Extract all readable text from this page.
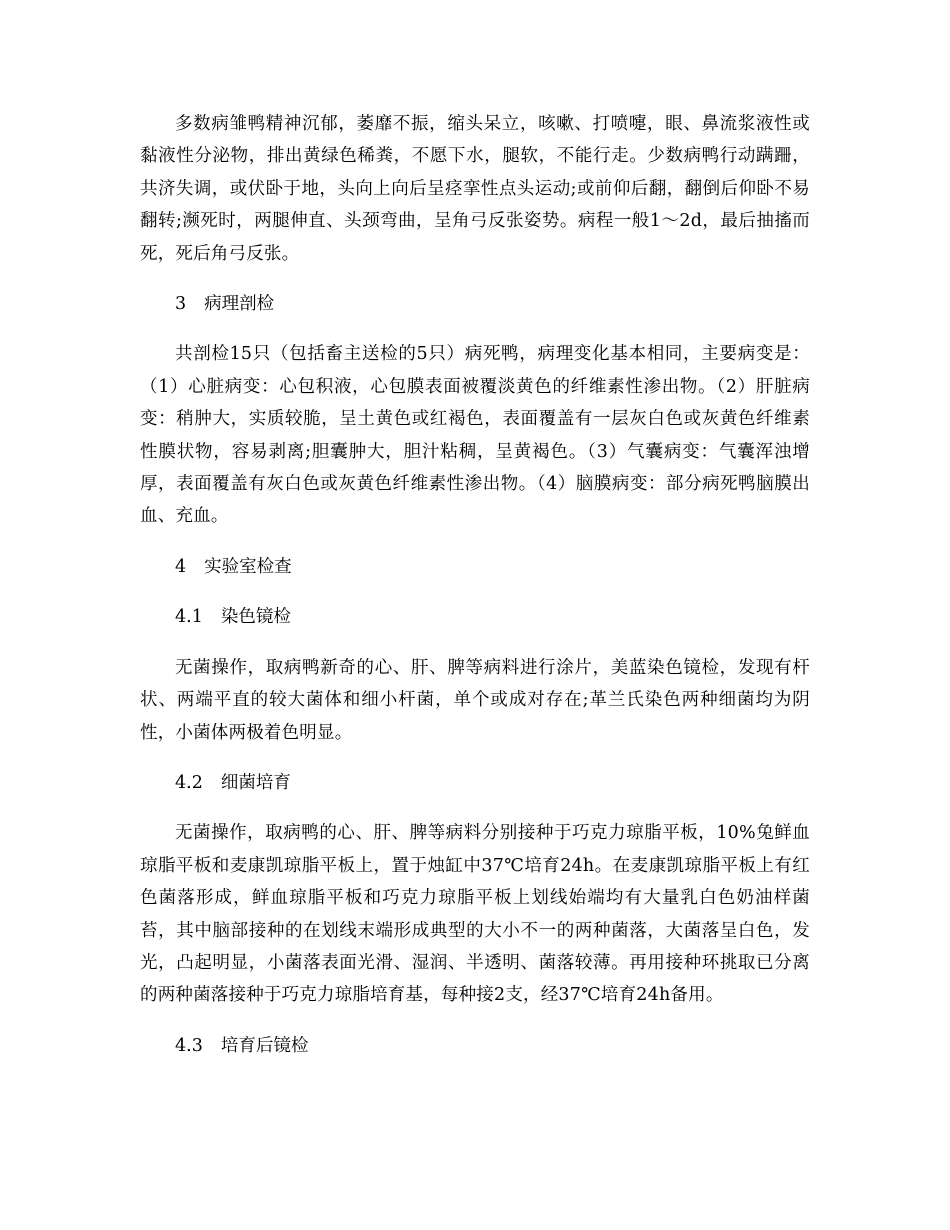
多数病雏鸭精神沉郁，萎靡不振，缩头呆立，咳嗽、打喷嚏，眼、鼻流浆液性或黏液性分泌物，排出黄绿色稀粪，不愿下水，腿软，不能行走。少数病鸭行动蹒跚，共济失调，或伏卧于地，头向上向后呈痉挛性点头运动;或前仰后翻，翻倒后仰卧不易翻转;濒死时，两腿伸直、头颈弯曲，呈角弓反张姿势。病程一般1～2d，最后抽搐而死，死后角弓反张。

3 病理剖检

共剖检15只（包括畜主送检的5只）病死鸭，病理变化基本相同，主要病变是：（1）心脏病变：心包积液，心包膜表面被覆淡黄色的纤维素性渗出物。（2）肝脏病变：稍肿大，实质较脆，呈土黄色或红褐色，表面覆盖有一层灰白色或灰黄色纤维素性膜状物，容易剥离;胆囊肿大，胆汁粘稠，呈黄褐色。（3）气囊病变：气囊浑浊增厚，表面覆盖有灰白色或灰黄色纤维素性渗出物。（4）脑膜病变：部分病死鸭脑膜出血、充血。

4 实验室检查
4.1 染色镜检

无菌操作，取病鸭新奇的心、肝、脾等病料进行涂片，美蓝染色镜检，发现有杆状、两端平直的较大菌体和细小杆菌，单个或成对存在;革兰氏染色两种细菌均为阴性，小菌体两极着色明显。

4.2 细菌培育

无菌操作，取病鸭的心、肝、脾等病料分别接种于巧克力琼脂平板，10%兔鲜血琼脂平板和麦康凯琼脂平板上，置于烛缸中37℃培育24h。在麦康凯琼脂平板上有红色菌落形成，鲜血琼脂平板和巧克力琼脂平板上划线始端均有大量乳白色奶油样菌苔，其中脑部接种的在划线末端形成典型的大小不一的两种菌落，大菌落呈白色，发光，凸起明显，小菌落表面光滑、湿润、半透明、菌落较薄。再用接种环挑取已分离的两种菌落接种于巧克力琼脂培育基，每种接2支，经37℃培育24h备用。

4.3 培育后镜检
